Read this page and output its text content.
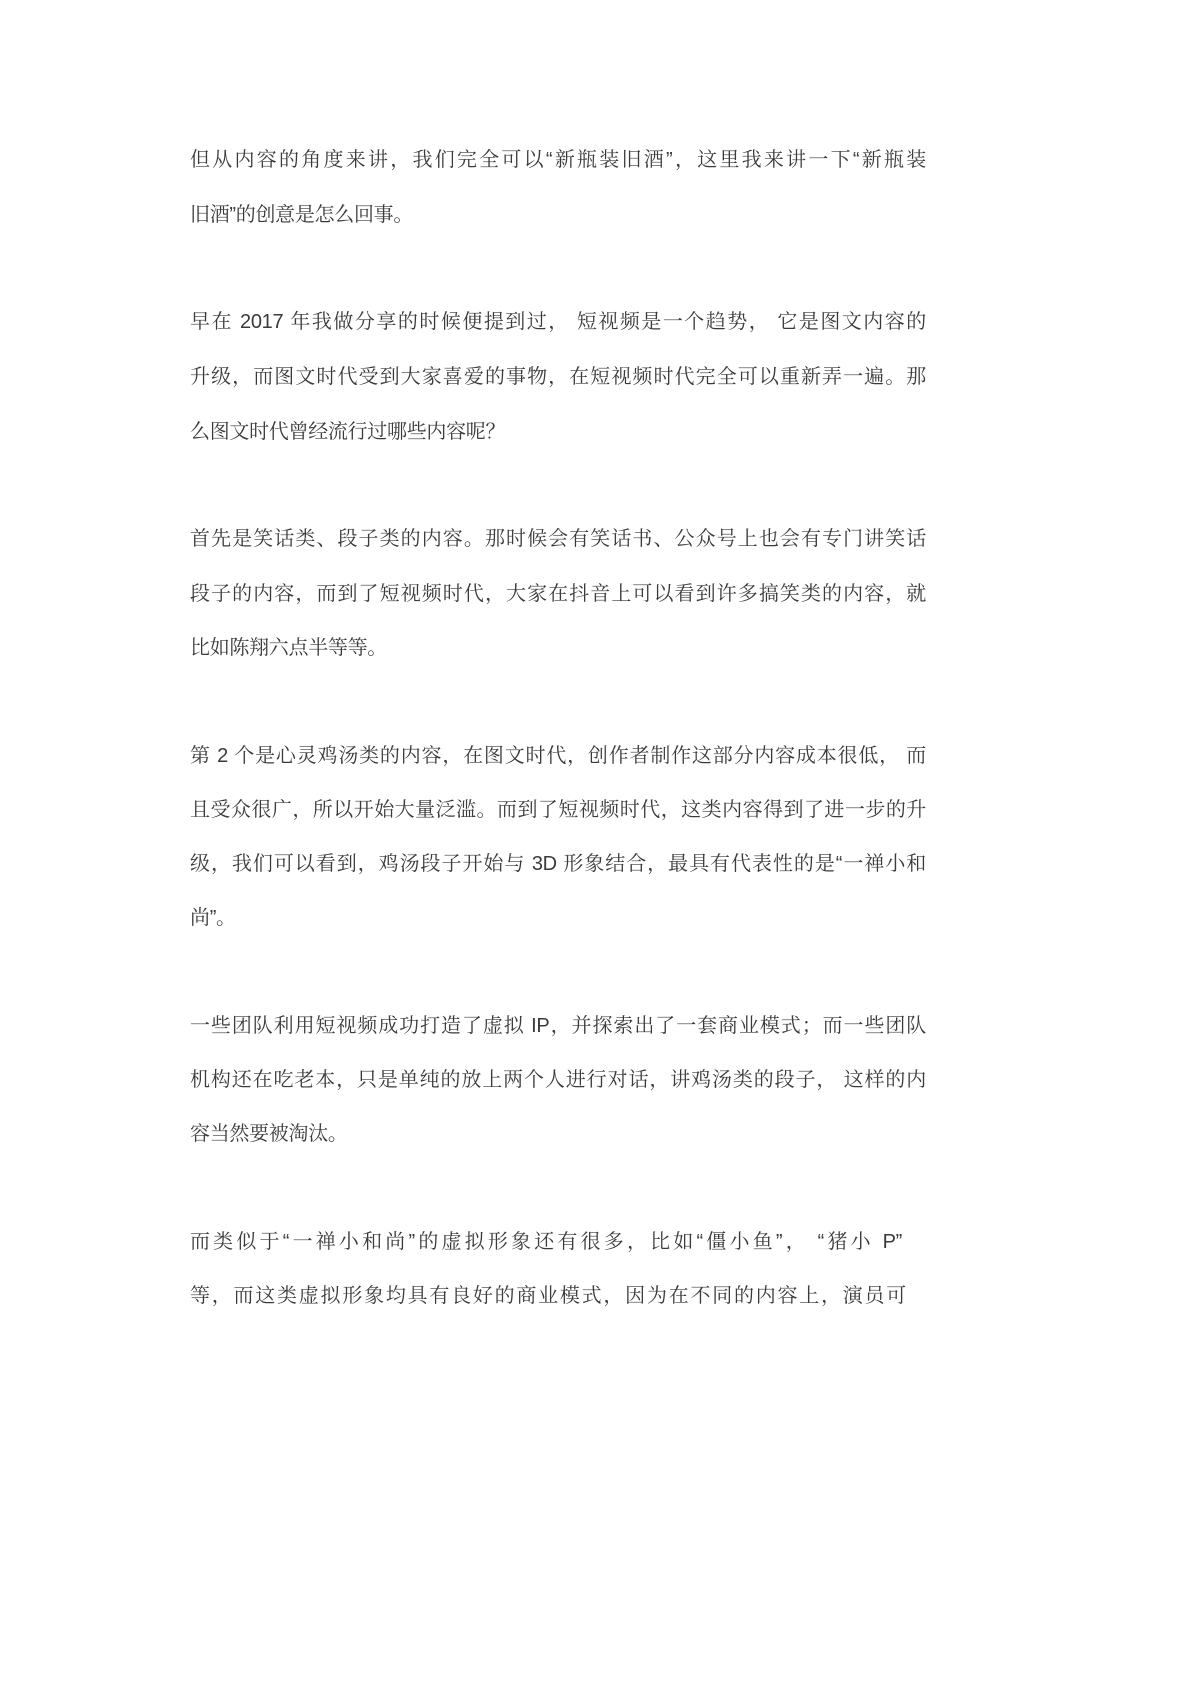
但从内容的角度来讲，我们完全可以“新瓶装旧酒”，这里我来讲一下“新瓶装
旧酒”的创意是怎么回事。
早在 2017 年我做分享的时候便提到过， 短视频是一个趋势， 它是图文内容的
升级，而图文时代受到大家喜爱的事物，在短视频时代完全可以重新弄一遍。那
么图文时代曾经流行过哪些内容呢？
首先是笑话类、段子类的内容。那时候会有笑话书、公众号上也会有专门讲笑话
段子的内容，而到了短视频时代，大家在抖音上可以看到许多搞笑类的内容，就
比如陈翔六点半等等。
第 2 个是心灵鸡汤类的内容，在图文时代，创作者制作这部分内容成本很低， 而
且受众很广，所以开始大量泛滥。而到了短视频时代，这类内容得到了进一步的升
级，我们可以看到，鸡汤段子开始与 3D 形象结合，最具有代表性的是“一禅小和
尚”。
一些团队利用短视频成功打造了虚拟 IP，并探索出了一套商业模式；而一些团队
机构还在吃老本，只是单纯的放上两个人进行对话，讲鸡汤类的段子， 这样的内
容当然要被淘汰。
而类似于“一禅小和尚”的虚拟形象还有很多，比如“僵小鱼”， “猪小 P”
等，而这类虚拟形象均具有良好的商业模式，因为在不同的内容上，演员可
